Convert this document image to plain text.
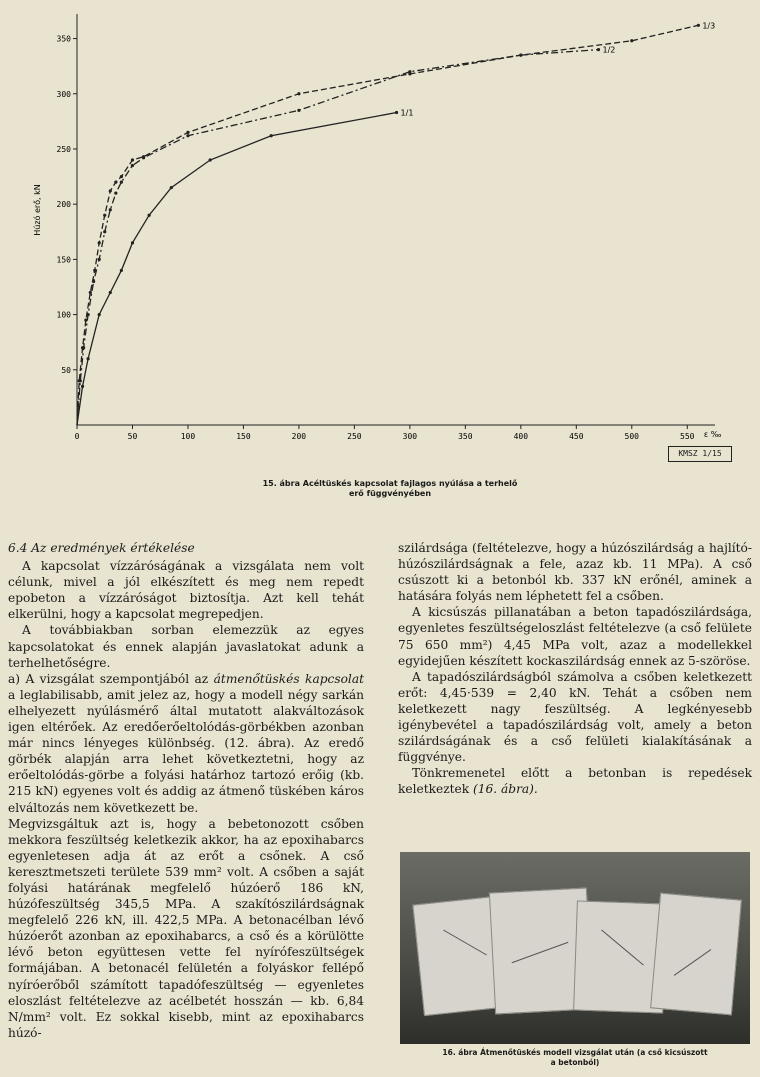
0	50	100	150	200	250	300	350	400	450	500	550
50
100
150
200
250
300
350
Húzó erő, kN
ε ‰
1/1
1/2
1/3
KMSZ 1/15
15. ábra Acéltüskés kapcsolat fajlagos nyúlása a terhelő
erő függvényében
6.4 Az eredmények értékelése

A kapcsolat vízzáróságának a vizsgálata nem volt célunk, mivel a jól elkészített és meg nem repedt epobeton a vízzáróságot biztosítja. Azt kell tehát elkerülni, hogy a kapcsolat megrepedjen.

A továbbiakban sorban elemezzük az egyes kapcsolatokat és ennek alapján javaslatokat adunk a terhelhetőségre.

a) A vizsgálat szempontjából az átmenőtüskés kapcsolat a leglabilisabb, amit jelez az, hogy a modell négy sarkán elhelyezett nyúlásmérő által mutatott alakváltozások igen eltérőek. Az eredőerőeltolódás-görbékben azonban már nincs lényeges különbség. (12. ábra). Az eredő görbék alapján arra lehet következtetni, hogy az erőeltolódás-görbe a folyási határhoz tartozó erőig (kb. 215 kN) egyenes volt és addig az átmenő tüskében káros elváltozás nem következett be.

Megvizsgáltuk azt is, hogy a bebetonozott csőben mekkora feszültség keletkezik akkor, ha az epoxihabarcs egyenletesen adja át az erőt a csőnek. A cső keresztmetszeti területe 539 mm² volt. A csőben a saját folyási határának megfelelő húzóerő 186 kN, húzófeszültség 345,5 MPa. A szakítószilárdságnak megfelelő 226 kN, ill. 422,5 MPa. A betonacélban lévő húzóerőt azonban az epoxihabarcs, a cső és a körülötte lévő beton együttesen vette fel nyírófeszültségek formájában. A betonacél felületén a folyáskor fellépő nyíróerőből számított tapadófeszültség — egyenletes eloszlást feltételezve az acélbetét hosszán — kb. 6,84 N/mm² volt. Ez sokkal kisebb, mint az epoxihabarcs húzó-

szilárdsága (feltételezve, hogy a húzószilárdság a hajlító-húzószilárdságnak a fele, azaz kb. 11 MPa). A cső csúszott ki a betonból kb. 337 kN erőnél, aminek a hatására folyás nem léphetett fel a csőben.

A kicsúszás pillanatában a beton tapadószilárdsága, egyenletes feszültségeloszlást feltételezve (a cső felülete 75 650 mm²) 4,45 MPa volt, azaz a modellekkel egyidejűen készített kockaszilárdság ennek az 5-szöröse.

A tapadószilárdságból számolva a csőben keletkezett erőt: 4,45·539 = 2,40 kN. Tehát a csőben nem keletkezett nagy feszültség. A legkényesebb igénybevétel a tapadószilárdság volt, amely a beton szilárdságának és a cső felületi kialakításának a függvénye.

Tönkremenetel előtt a betonban is repedések keletkeztek (16. ábra).

16. ábra Átmenőtüskés modell vizsgálat után (a cső kicsúszott
a betonból)
